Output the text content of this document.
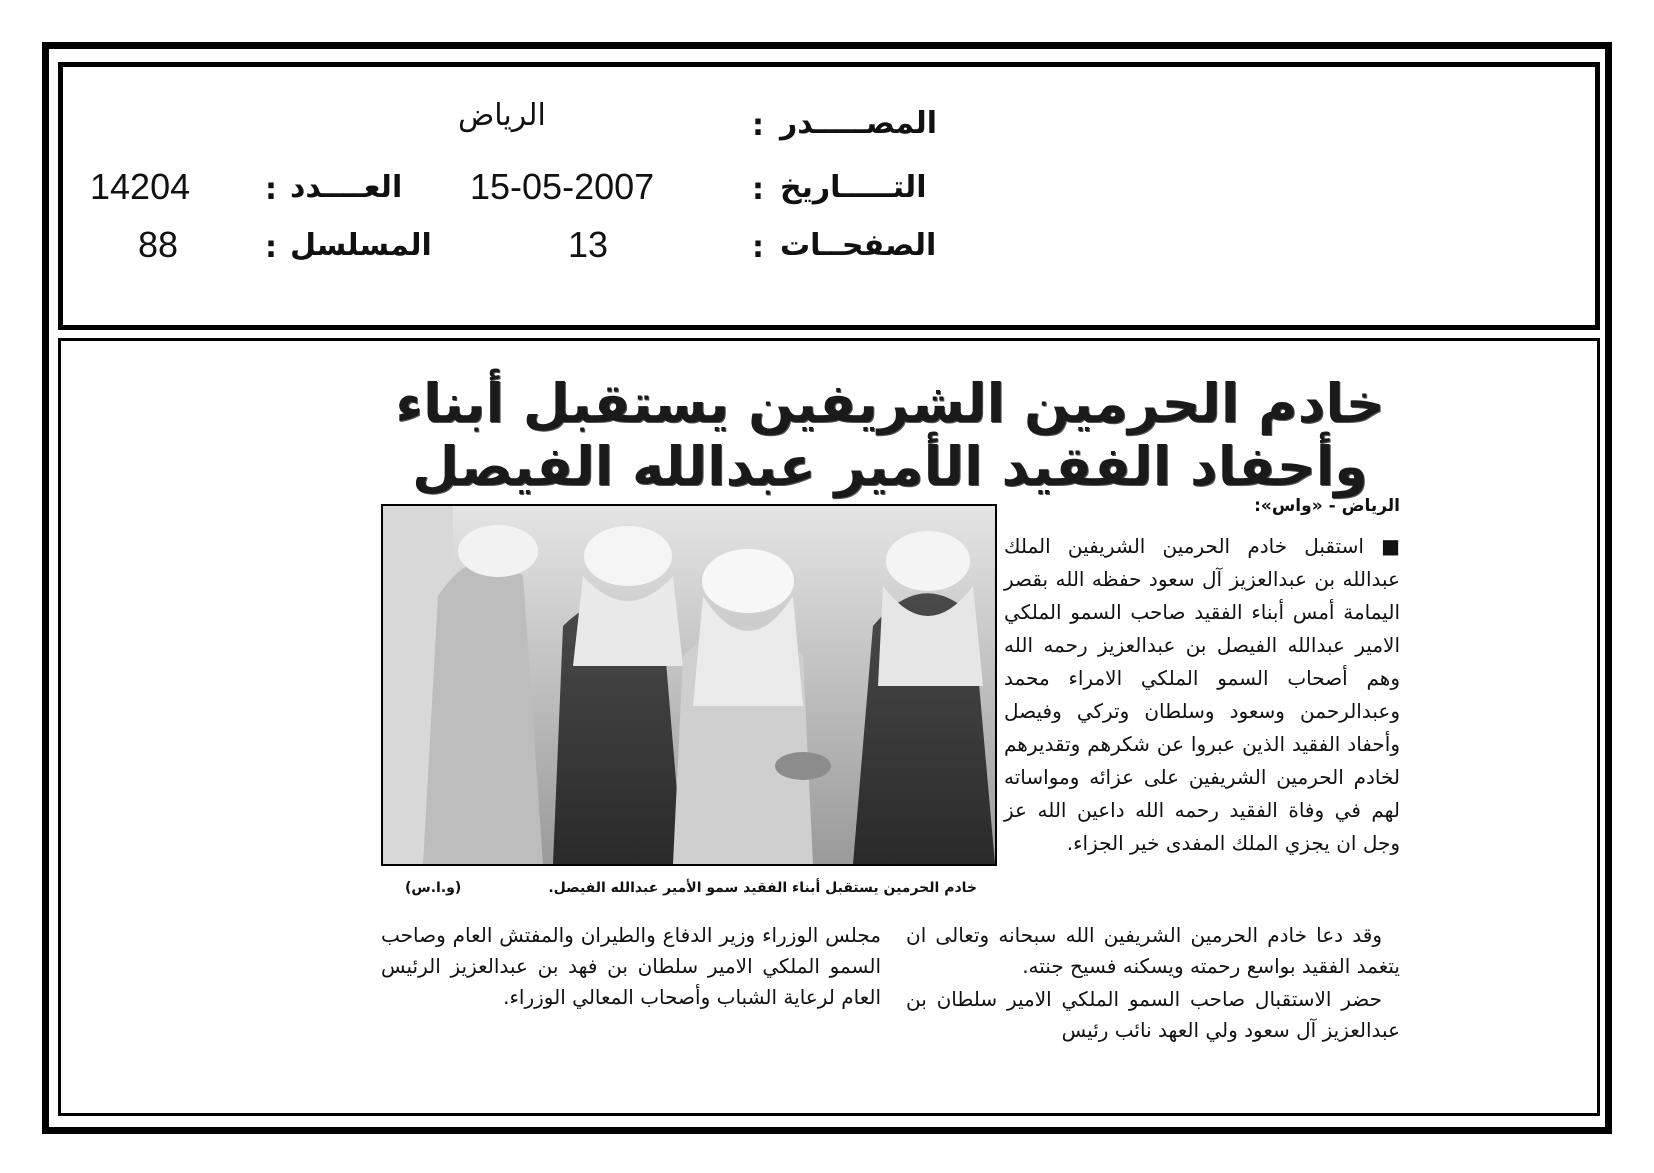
المصـــــدر
:
الرياض
التـــــاريخ
:
15-05-2007
العــــدد
:
14204
الصفحــات
:
13
المسلسل
:
88
خادم الحرمين الشريفين يستقبل أبناء وأحفاد الفقيد الأمير عبدالله الفيصل
الرياض - «واس»:

■ استقبل خادم الحرمين الشريفين الملك عبدالله بن عبدالعزيز آل سعود حفظه الله بقصر اليمامة أمس أبناء الفقيد صاحب السمو الملكي الامير عبدالله الفيصل بن عبدالعزيز رحمه الله وهم أصحاب السمو الملكي الامراء محمد وعبدالرحمن وسعود وسلطان وتركي وفيصل وأحفاد الفقيد الذين عبروا عن شكرهم وتقديرهم لخادم الحرمين الشريفين على عزائه ومواساته لهم في وفاة الفقيد رحمه الله داعين الله عز وجل ان يجزي الملك المفدى خير الجزاء.

خادم الحرمين يستقبل أبناء الفقيد سمو الأمير عبدالله الفيصل.
(و.ا.س)

وقد دعا خادم الحرمين الشريفين الله سبحانه وتعالى ان يتغمد الفقيد بواسع رحمته ويسكنه فسيح جنته.

حضر الاستقبال صاحب السمو الملكي الامير سلطان بن عبدالعزيز آل سعود ولي العهد نائب رئيس

مجلس الوزراء وزير الدفاع والطيران والمفتش العام وصاحب السمو الملكي الامير سلطان بن فهد بن عبدالعزيز الرئيس العام لرعاية الشباب وأصحاب المعالي الوزراء.
